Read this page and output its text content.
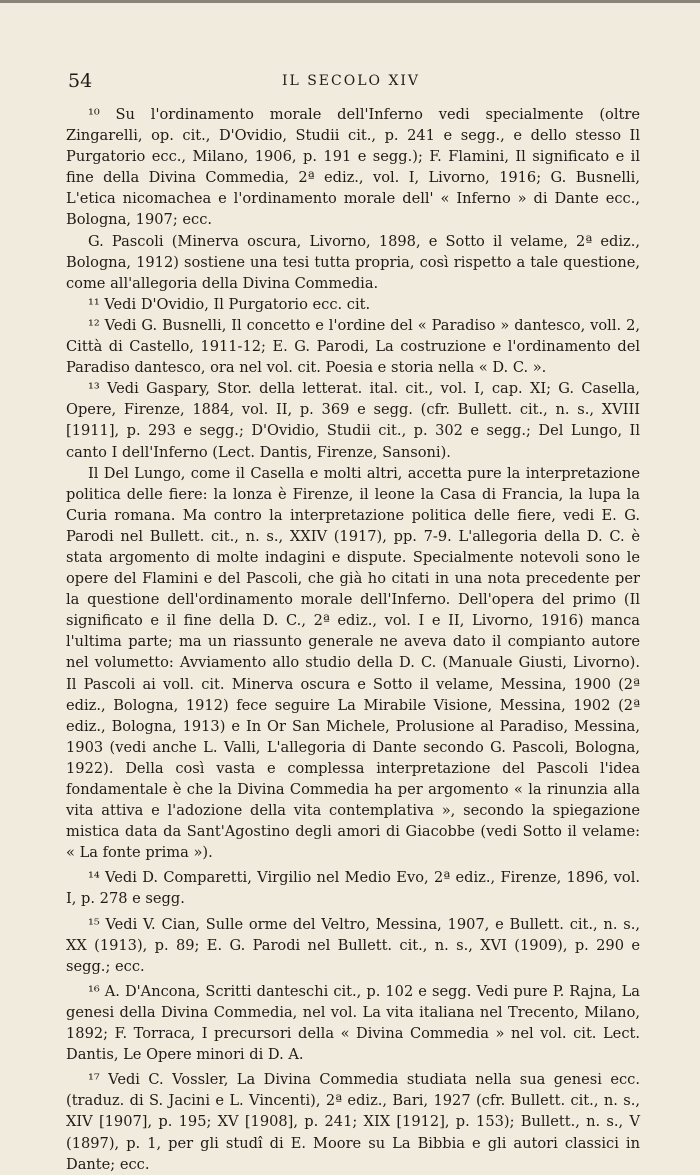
54	IL SECOLO XIV

¹⁰ Su l'ordinamento morale dell'Inferno vedi specialmente (oltre Zingarelli, op. cit., D'Ovidio, Studii cit., p. 241 e segg., e dello stesso Il Purgatorio ecc., Milano, 1906, p. 191 e segg.); F. Flamini, Il significato e il fine della Divina Commedia, 2ª ediz., vol. I, Livorno, 1916; G. Busnelli, L'etica nicomachea e l'ordinamento morale dell' « Inferno » di Dante ecc., Bologna, 1907; ecc.

G. Pascoli (Minerva oscura, Livorno, 1898, e Sotto il velame, 2ª ediz., Bologna, 1912) sostiene una tesi tutta propria, così rispetto a tale questione, come all'allegoria della Divina Commedia.

¹¹ Vedi D'Ovidio, Il Purgatorio ecc. cit.

¹² Vedi G. Busnelli, Il concetto e l'ordine del « Paradiso » dantesco, voll. 2, Città di Castello, 1911-12; E. G. Parodi, La costruzione e l'ordinamento del Paradiso dantesco, ora nel vol. cit. Poesia e storia nella « D. C. ».

¹³ Vedi Gaspary, Stor. della letterat. ital. cit., vol. I, cap. XI; G. Casella, Opere, Firenze, 1884, vol. II, p. 369 e segg. (cfr. Bullett. cit., n. s., XVIII [1911], p. 293 e segg.; D'Ovidio, Studii cit., p. 302 e segg.; Del Lungo, Il canto I dell'Inferno (Lect. Dantis, Firenze, Sansoni).

Il Del Lungo, come il Casella e molti altri, accetta pure la interpretazione politica delle fiere: la lonza è Firenze, il leone la Casa di Francia, la lupa la Curia romana. Ma contro la interpretazione politica delle fiere, vedi E. G. Parodi nel Bullett. cit., n. s., XXIV (1917), pp. 7-9. L'allegoria della D. C. è stata argomento di molte indagini e dispute. Specialmente notevoli sono le opere del Flamini e del Pascoli, che già ho citati in una nota precedente per la questione dell'ordinamento morale dell'Inferno. Dell'opera del primo (Il significato e il fine della D. C., 2ª ediz., vol. I e II, Livorno, 1916) manca l'ultima parte; ma un riassunto generale ne aveva dato il compianto autore nel volumetto: Avviamento allo studio della D. C. (Manuale Giusti, Livorno). Il Pascoli ai voll. cit. Minerva oscura e Sotto il velame, Messina, 1900 (2ª ediz., Bologna, 1912) fece seguire La Mirabile Visione, Messina, 1902 (2ª ediz., Bologna, 1913) e In Or San Michele, Prolusione al Paradiso, Messina, 1903 (vedi anche L. Valli, L'allegoria di Dante secondo G. Pascoli, Bologna, 1922). Della così vasta e complessa interpretazione del Pascoli l'idea fondamentale è che la Divina Commedia ha per argomento « la rinunzia alla vita attiva e l'adozione della vita contemplativa », secondo la spiegazione mistica data da Sant'Agostino degli amori di Giacobbe (vedi Sotto il velame: « La fonte prima »).

¹⁴ Vedi D. Comparetti, Virgilio nel Medio Evo, 2ª ediz., Firenze, 1896, vol. I, p. 278 e segg.

¹⁵ Vedi V. Cian, Sulle orme del Veltro, Messina, 1907, e Bullett. cit., n. s., XX (1913), p. 89; E. G. Parodi nel Bullett. cit., n. s., XVI (1909), p. 290 e segg.; ecc.

¹⁶ A. D'Ancona, Scritti danteschi cit., p. 102 e segg. Vedi pure P. Rajna, La genesi della Divina Commedia, nel vol. La vita italiana nel Trecento, Milano, 1892; F. Torraca, I precursori della « Divina Commedia » nel vol. cit. Lect. Dantis, Le Opere minori di D. A.

¹⁷ Vedi C. Vossler, La Divina Commedia studiata nella sua genesi ecc. (traduz. di S. Jacini e L. Vincenti), 2ª ediz., Bari, 1927 (cfr. Bullett. cit., n. s., XIV [1907], p. 195; XV [1908], p. 241; XIX [1912], p. 153); Bullett., n. s., V (1897), p. 1, per gli studî di E. Moore su La Bibbia e gli autori classici in Dante; ecc.
